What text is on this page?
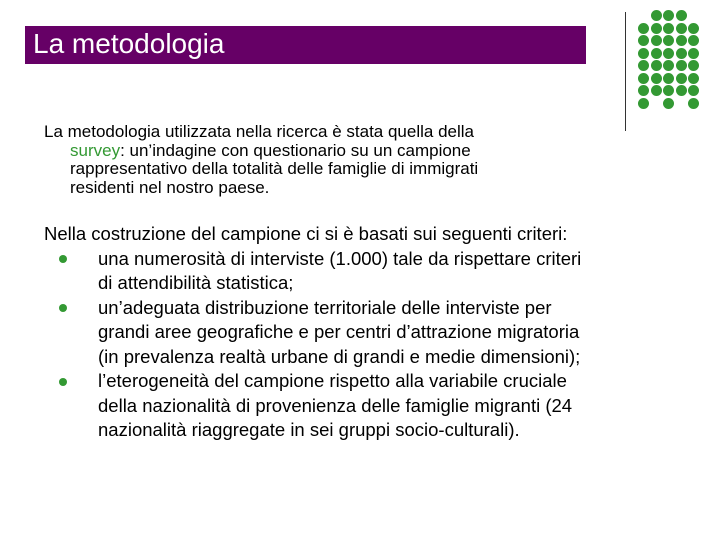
La metodologia
La metodologia utilizzata nella ricerca è stata quella della
survey: un’indagine con questionario su un campione
rappresentativo della totalità delle famiglie di immigrati
residenti nel nostro paese.
Nella costruzione del campione ci si è basati sui seguenti criteri:
una numerosità di interviste (1.000) tale da rispettare criteri
di attendibilità statistica;
un’adeguata distribuzione territoriale delle interviste per
grandi aree geografiche e per centri d’attrazione migratoria
(in prevalenza realtà urbane di grandi e medie dimensioni);
l’eterogeneità del campione rispetto alla variabile cruciale
della nazionalità di provenienza delle famiglie migranti (24
nazionalità riaggregate in sei gruppi socio-culturali).
